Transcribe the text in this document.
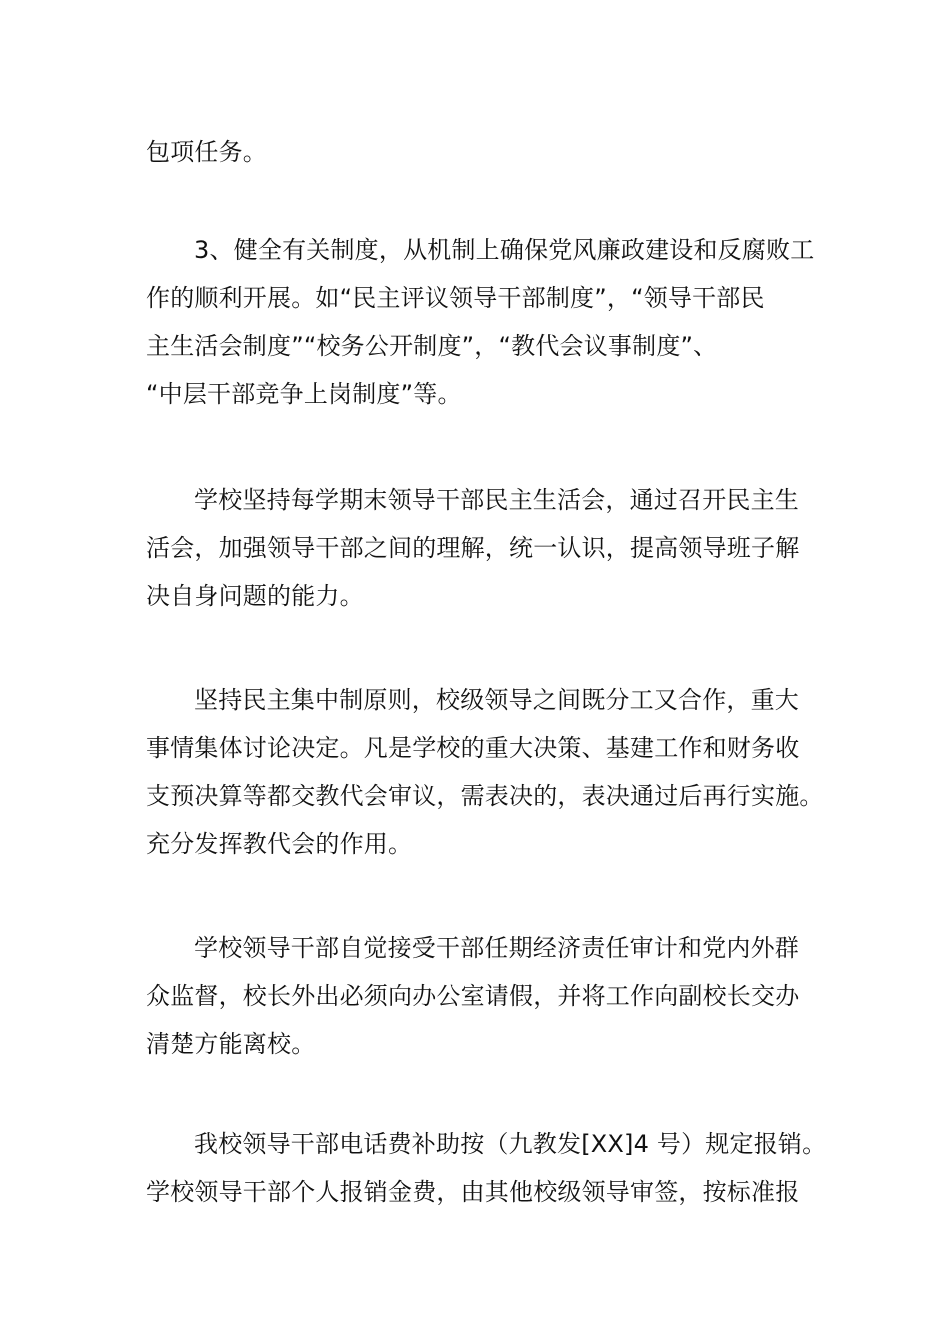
包项任务。
3、健全有关制度，从机制上确保党风廉政建设和反腐败工
作的顺利开展。如“民主评议领导干部制度”，“领导干部民
主生活会制度”“校务公开制度”，“教代会议事制度”、
“中层干部竞争上岗制度”等。
学校坚持每学期末领导干部民主生活会，通过召开民主生
活会，加强领导干部之间的理解，统一认识，提高领导班子解
决自身问题的能力。
坚持民主集中制原则，校级领导之间既分工又合作，重大
事情集体讨论决定。凡是学校的重大决策、基建工作和财务收
支预决算等都交教代会审议，需表决的，表决通过后再行实施。
充分发挥教代会的作用。
学校领导干部自觉接受干部任期经济责任审计和党内外群
众监督，校长外出必须向办公室请假，并将工作向副校长交办
清楚方能离校。
我校领导干部电话费补助按（九教发[XX]4 号）规定报销。
学校领导干部个人报销金费，由其他校级领导审签，按标准报
